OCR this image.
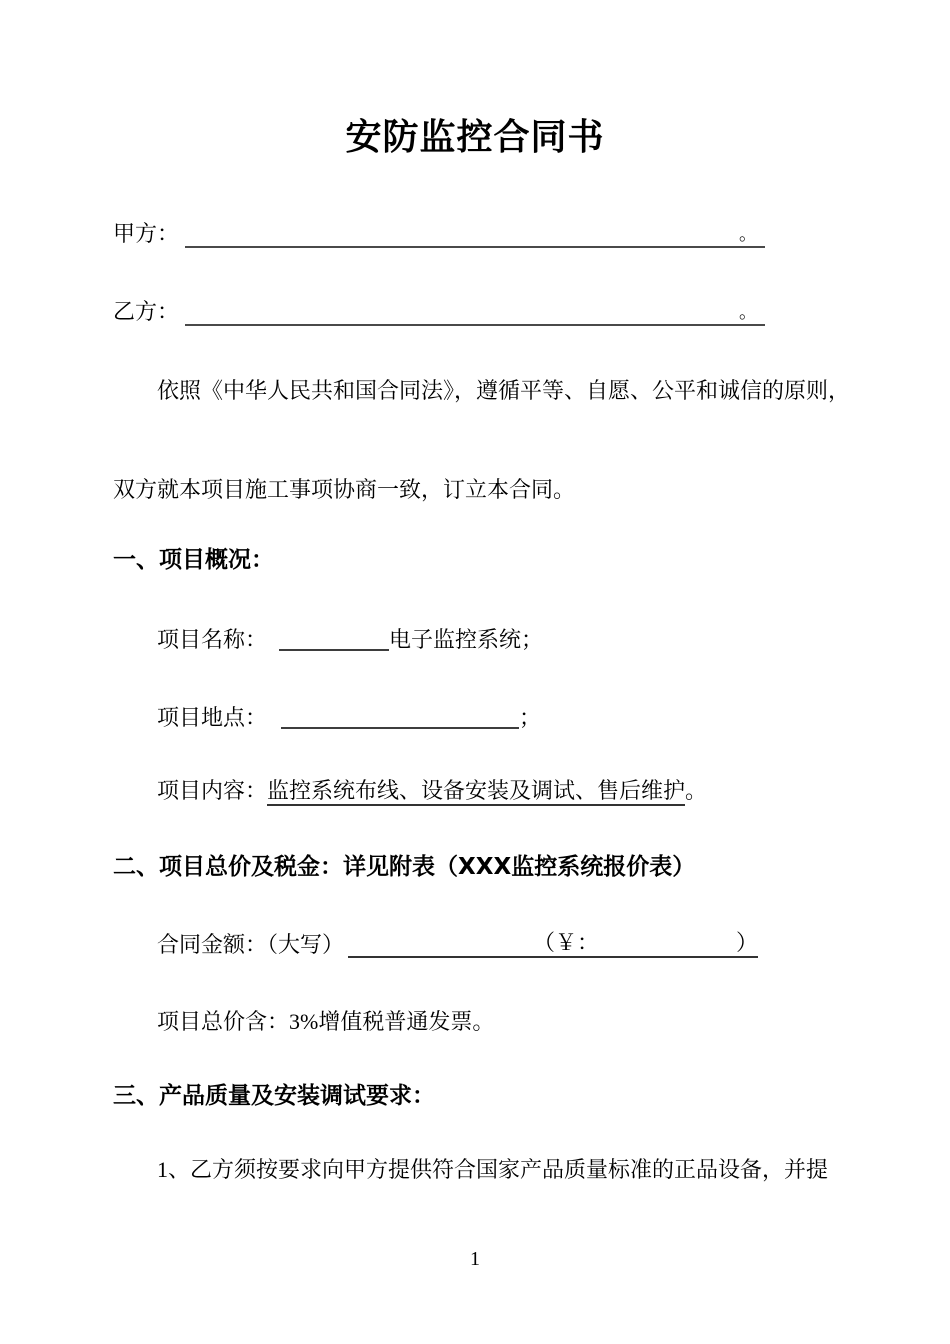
安防监控合同书
甲方：	。
乙方：	。
依照《中华人民共和国合同法》，遵循平等、自愿、公平和诚信的原则，
双方就本项目施工事项协商一致，订立本合同。
一、项目概况：
项目名称：	电子监控系统；
项目地点：	；
项目内容：监控系统布线、设备安装及调试、售后维护。
二、项目总价及税金：详见附表（XXX监控系统报价表）
合同金额：（大写）	（￥：	）
项目总价含：3%增值税普通发票。
三、产品质量及安装调试要求：
1、乙方须按要求向甲方提供符合国家产品质量标准的正品设备，并提
1
